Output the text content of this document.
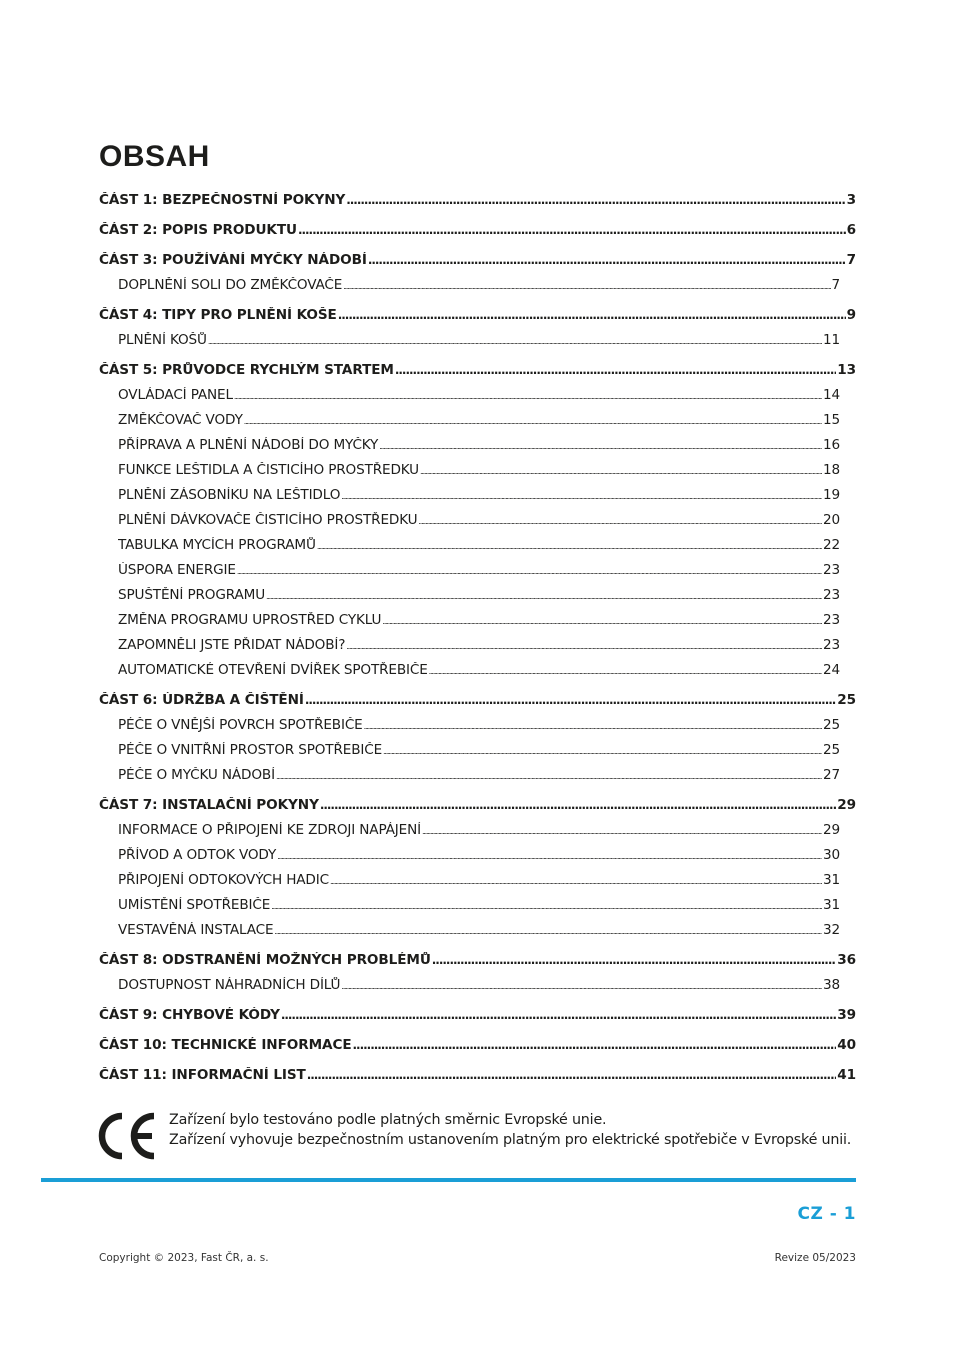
OBSAH
ČÁST 1: BEZPEČNOSTNÍ POKYNY . . .	3
ČÁST 2: POPIS PRODUKTU . . .	6
ČÁST 3: POUŽÍVÁNÍ MYČKY NÁDOBÍ . . .	7
DOPLNĚNÍ SOLI DO ZMĚKČOVAČE .....	7
ČÁST 4: TIPY PRO PLNĚNÍ KOŠE . . .	9
PLNĚNÍ KOŠŮ .....	11
ČÁST 5: PRŮVODCE RYCHLÝM STARTEM . . .	13
OVLÁDACÍ PANEL .....	14
ZMĚKČOVAČ VODY .....	15
PŘÍPRAVA A PLNĚNÍ NÁDOBÍ DO MYČKY .....	16
FUNKCE LEŠTIDLA A ČISTICÍHO PROSTŘEDKU .....	18
PLNĚNÍ ZÁSOBNÍKU NA LEŠTIDLO .....	19
PLNĚNÍ DÁVKOVAČE ČISTICÍHO PROSTŘEDKU .....	20
TABULKA MYCÍCH PROGRAMŮ .....	22
ÚSPORA ENERGIE .....	23
SPUŠTĚNÍ PROGRAMU .....	23
ZMĚNA PROGRAMU UPROSTŘED CYKLU .....	23
ZAPOMNĚLI JSTE PŘIDAT NÁDOBÍ? .....	23
AUTOMATICKÉ OTEVŘENÍ DVÍŘEK SPOTŘEBIČE .....	24
ČÁST 6: ÚDRŽBA A ČIŠTĚNÍ . . .	25
PÉČE O VNĚJŠÍ POVRCH SPOTŘEBIČE .....	25
PÉČE O VNITŘNÍ PROSTOR SPOTŘEBIČE .....	25
PÉČE O MYČKU NÁDOBÍ .....	27
ČÁST 7: INSTALAČNÍ POKYNY . . .	29
INFORMACE O PŘIPOJENÍ KE ZDROJI NAPÁJENÍ .....	29
PŘÍVOD A ODTOK VODY .....	30
PŘIPOJENÍ ODTOKOVÝCH HADIC .....	31
UMÍSTĚNÍ SPOTŘEBIČE .....	31
VESTAVĚNÁ INSTALACE .....	32
ČÁST 8: ODSTRANĚNÍ MOŽNÝCH PROBLÉMŮ . . .	36
DOSTUPNOST NÁHRADNÍCH DÍLŮ .....	38
ČÁST 9: CHYBOVÉ KÓDY . . .	39
ČÁST 10: TECHNICKÉ INFORMACE . . .	40
ČÁST 11: INFORMAČNÍ LIST . . .	41
Zařízení bylo testováno podle platných směrnic Evropské unie.
Zařízení vyhovuje bezpečnostním ustanovením platným pro elektrické spotřebiče v Evropské unii.
CZ - 1
Copyright © 2023, Fast ČR, a. s.	Revize 05/2023
